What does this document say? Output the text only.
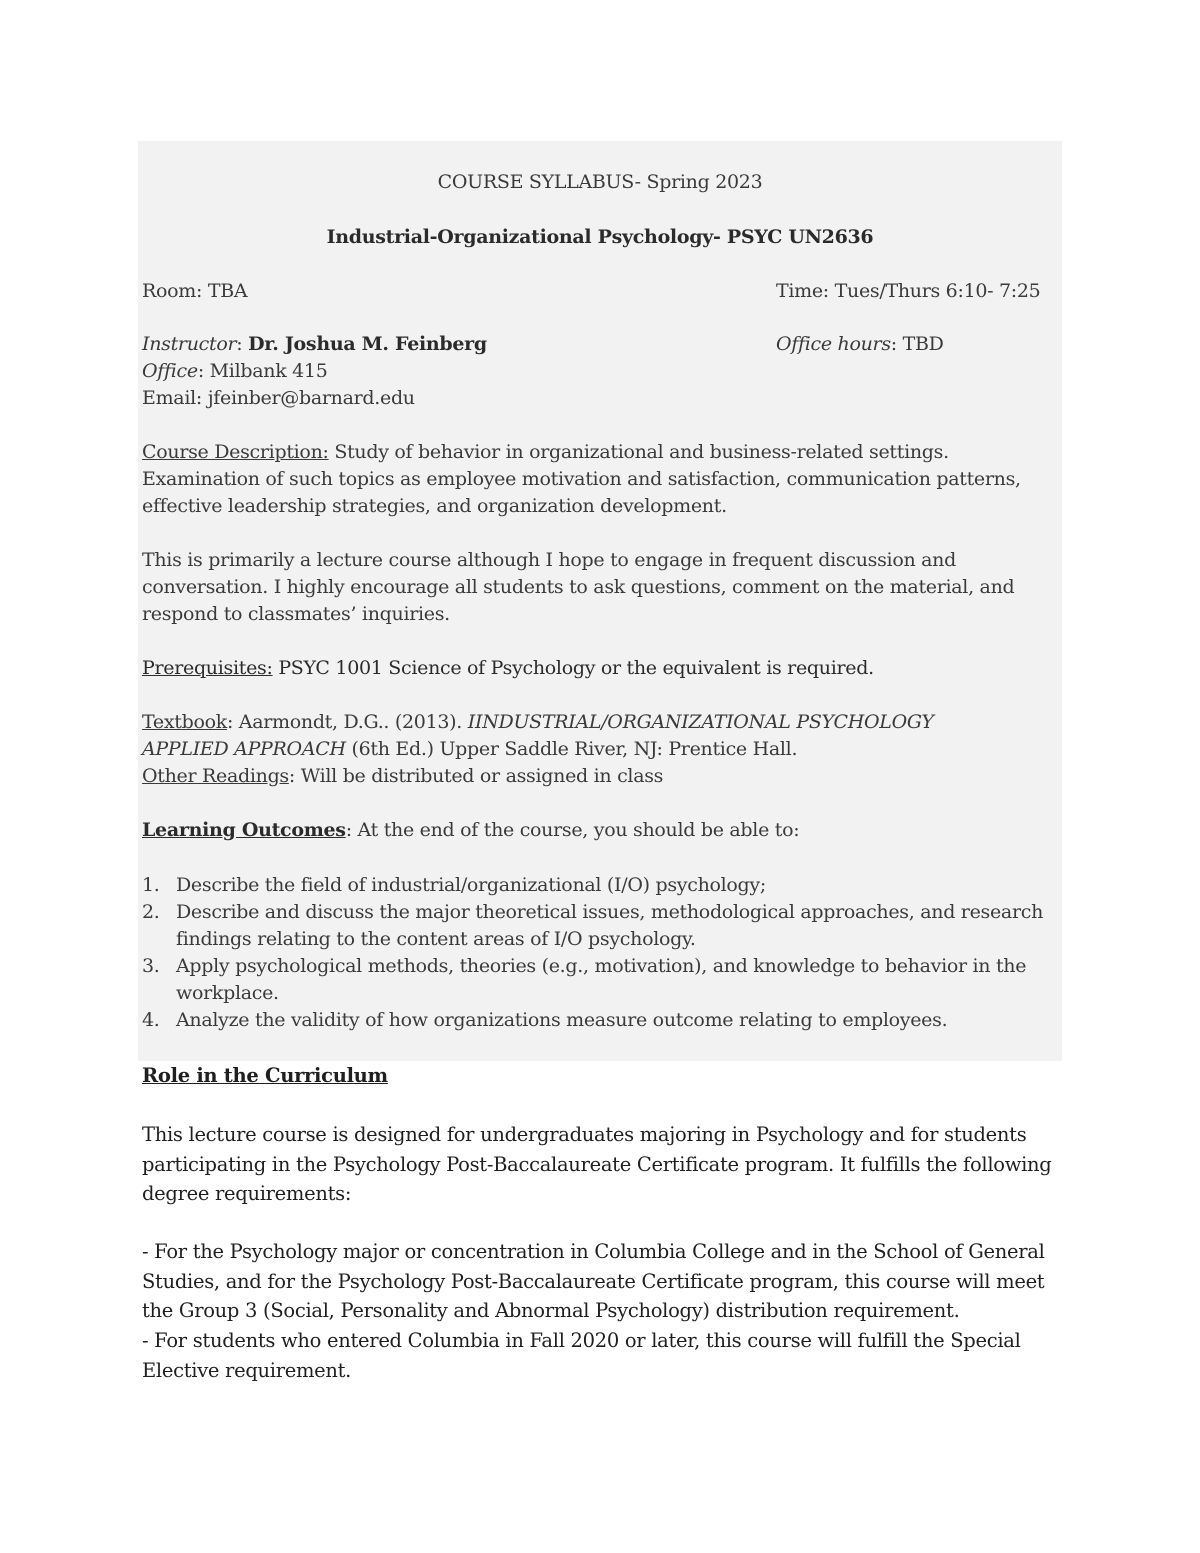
COURSE SYLLABUS- Spring 2023
Industrial-Organizational Psychology- PSYC UN2636
Room: TBA	Time: Tues/Thurs 6:10- 7:25
Instructor: Dr. Joshua M. Feinberg	Office hours: TBD
Office: Milbank 415
Email: jfeinber@barnard.edu
Course Description: Study of behavior in organizational and business-related settings.
Examination of such topics as employee motivation and satisfaction, communication patterns,
effective leadership strategies, and organization development.
This is primarily a lecture course although I hope to engage in frequent discussion and
conversation. I highly encourage all students to ask questions, comment on the material, and
respond to classmates’ inquiries.
Prerequisites: PSYC 1001 Science of Psychology or the equivalent is required.
Textbook: Aarmondt, D.G.. (2013). IINDUSTRIAL/ORGANIZATIONAL PSYCHOLOGY
APPLIED APPROACH (6th Ed.) Upper Saddle River, NJ: Prentice Hall.
Other Readings: Will be distributed or assigned in class
Learning Outcomes: At the end of the course, you should be able to:
1. Describe the field of industrial/organizational (I/O) psychology;
2. Describe and discuss the major theoretical issues, methodological approaches, and research findings relating to the content areas of I/O psychology.
3. Apply psychological methods, theories (e.g., motivation), and knowledge to behavior in the workplace.
4. Analyze the validity of how organizations measure outcome relating to employees.
Role in the Curriculum
This lecture course is designed for undergraduates majoring in Psychology and for students participating in the Psychology Post-Baccalaureate Certificate program. It fulfills the following degree requirements:
- For the Psychology major or concentration in Columbia College and in the School of General Studies, and for the Psychology Post-Baccalaureate Certificate program, this course will meet the Group 3 (Social, Personality and Abnormal Psychology) distribution requirement.
- For students who entered Columbia in Fall 2020 or later, this course will fulfill the Special Elective requirement.
